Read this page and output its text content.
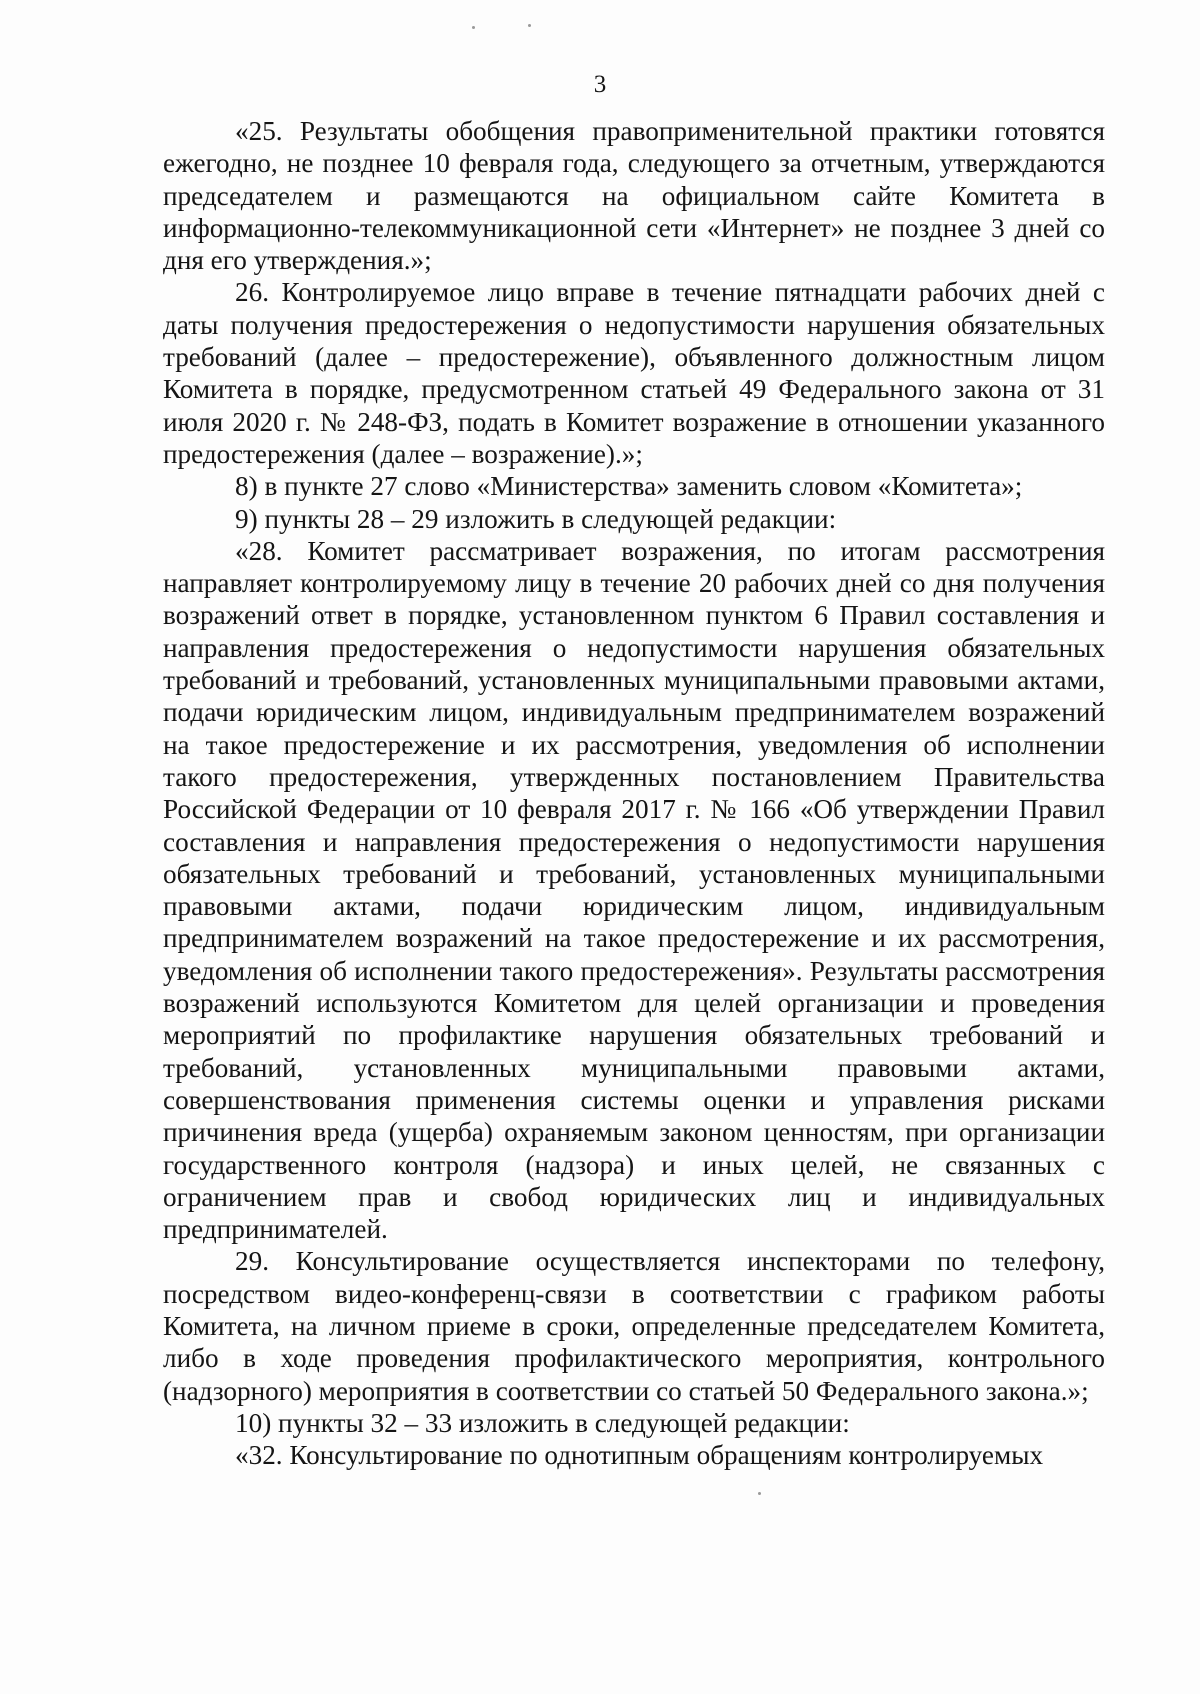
3

«25. Результаты обобщения правоприменительной практики готовятся ежегодно, не позднее 10 февраля года, следующего за отчетным, утверждаются председателем и размещаются на официальном сайте Комитета в информационно-телекоммуникационной сети «Интернет» не позднее 3 дней со дня его утверждения.»;

26. Контролируемое лицо вправе в течение пятнадцати рабочих дней с даты получения предостережения о недопустимости нарушения обязательных требований (далее – предостережение), объявленного должностным лицом Комитета в порядке, предусмотренном статьей 49 Федерального закона от 31 июля 2020 г. № 248-ФЗ, подать в Комитет возражение в отношении указанного предостережения (далее – возражение).»;

8) в пункте 27 слово «Министерства» заменить словом «Комитета»;

9) пункты 28 – 29 изложить в следующей редакции:

«28. Комитет рассматривает возражения, по итогам рассмотрения направляет контролируемому лицу в течение 20 рабочих дней со дня получения возражений ответ в порядке, установленном пунктом 6 Правил составления и направления предостережения о недопустимости нарушения обязательных требований и требований, установленных муниципальными правовыми актами, подачи юридическим лицом, индивидуальным предпринимателем возражений на такое предостережение и их рассмотрения, уведомления об исполнении такого предостережения, утвержденных постановлением Правительства Российской Федерации от 10 февраля 2017 г. № 166 «Об утверждении Правил составления и направления предостережения о недопустимости нарушения обязательных требований и требований, установленных муниципальными правовыми актами, подачи юридическим лицом, индивидуальным предпринимателем возражений на такое предостережение и их рассмотрения, уведомления об исполнении такого предостережения». Результаты рассмотрения возражений используются Комитетом для целей организации и проведения мероприятий по профилактике нарушения обязательных требований и требований, установленных муниципальными правовыми актами, совершенствования применения системы оценки и управления рисками причинения вреда (ущерба) охраняемым законом ценностям, при организации государственного контроля (надзора) и иных целей, не связанных с ограничением прав и свобод юридических лиц и индивидуальных предпринимателей.

29. Консультирование осуществляется инспекторами по телефону, посредством видео-конференц-связи в соответствии с графиком работы Комитета, на личном приеме в сроки, определенные председателем Комитета, либо в ходе проведения профилактического мероприятия, контрольного (надзорного) мероприятия в соответствии со статьей 50 Федерального закона.»;

10) пункты 32 – 33 изложить в следующей редакции:

«32. Консультирование по однотипным обращениям контролируемых
